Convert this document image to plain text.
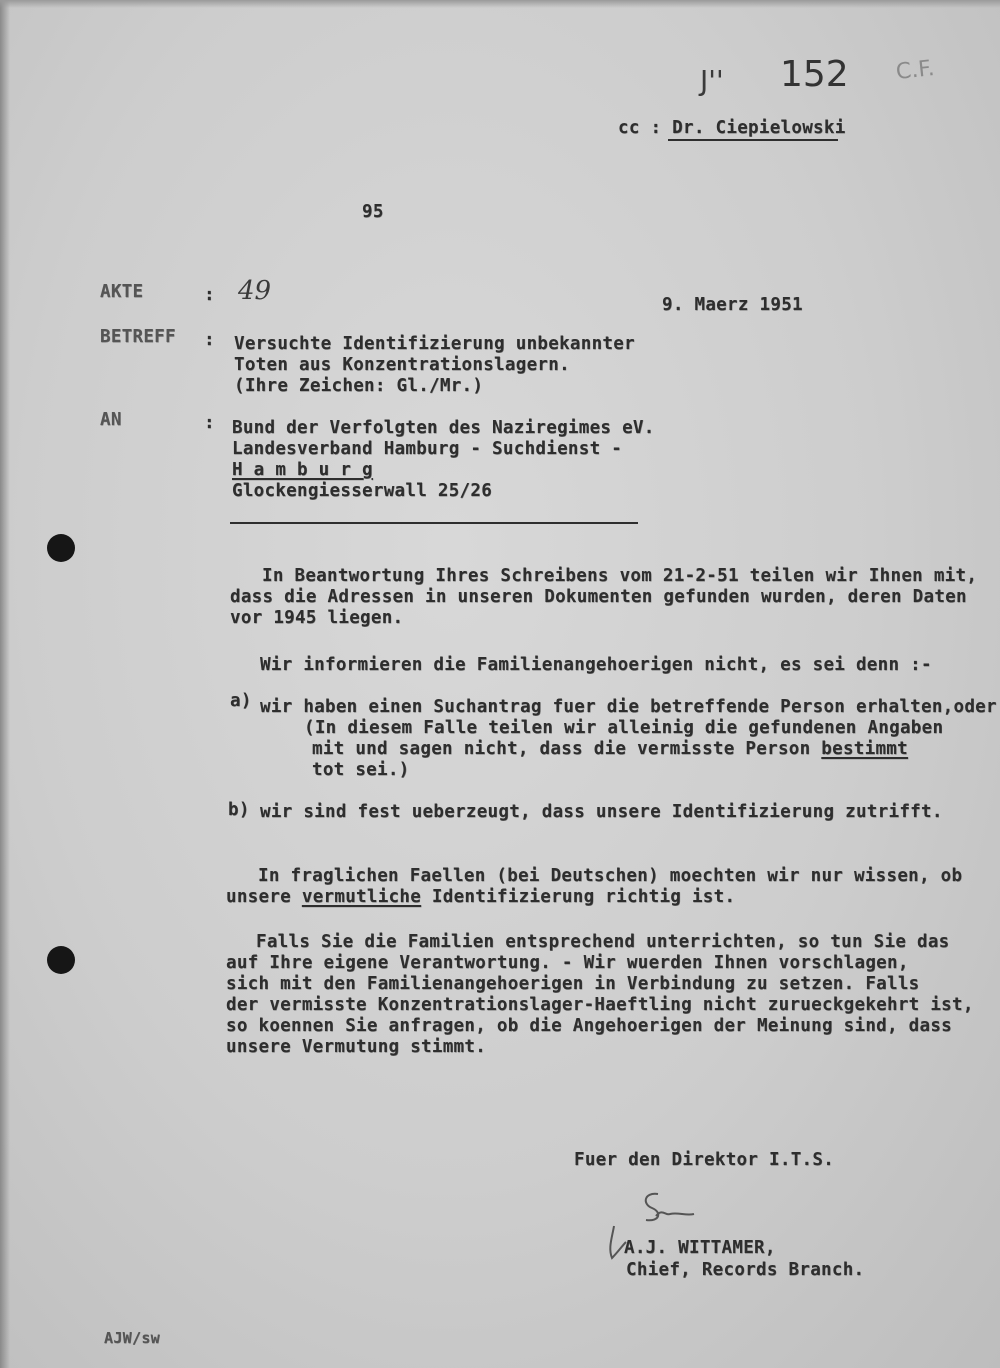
J'' 152 C.F.
cc : Dr. Ciepielowski
95
AKTE	: 49	9. Maerz 1951
BETREFF : Versuchte Identifizierung unbekannter
Toten aus Konzentrationslagern.
(Ihre Zeichen: Gl./Mr.)
AN	: Bund der Verfolgten des Naziregimes eV.
Landesverband Hamburg - Suchdienst -
H a m b u r g
Glockengiesserwall 25/26
In Beantwortung Ihres Schreibens vom 21-2-51 teilen wir Ihnen mit,
dass die Adressen in unseren Dokumenten gefunden wurden, deren Daten
vor 1945 liegen.
Wir informieren die Familienangehoerigen nicht, es sei denn :-
a) wir haben einen Suchantrag fuer die betreffende Person erhalten,oder
(In diesem Falle teilen wir alleinig die gefundenen Angaben
mit und sagen nicht, dass die vermisste Person bestimmt
tot sei.)
b) wir sind fest ueberzeugt, dass unsere Identifizierung zutrifft.
In fraglichen Faellen (bei Deutschen) moechten wir nur wissen, ob
unsere vermutliche Identifizierung richtig ist.
Falls Sie die Familien entsprechend unterrichten, so tun Sie das
auf Ihre eigene Verantwortung. - Wir wuerden Ihnen vorschlagen,
sich mit den Familienangehoerigen in Verbindung zu setzen. Falls
der vermisste Konzentrationslager-Haeftling nicht zurueckgekehrt ist,
so koennen Sie anfragen, ob die Angehoerigen der Meinung sind, dass
unsere Vermutung stimmt.
Fuer den Direktor I.T.S.
A.J. WITTAMER,
Chief, Records Branch.
AJW/sw
